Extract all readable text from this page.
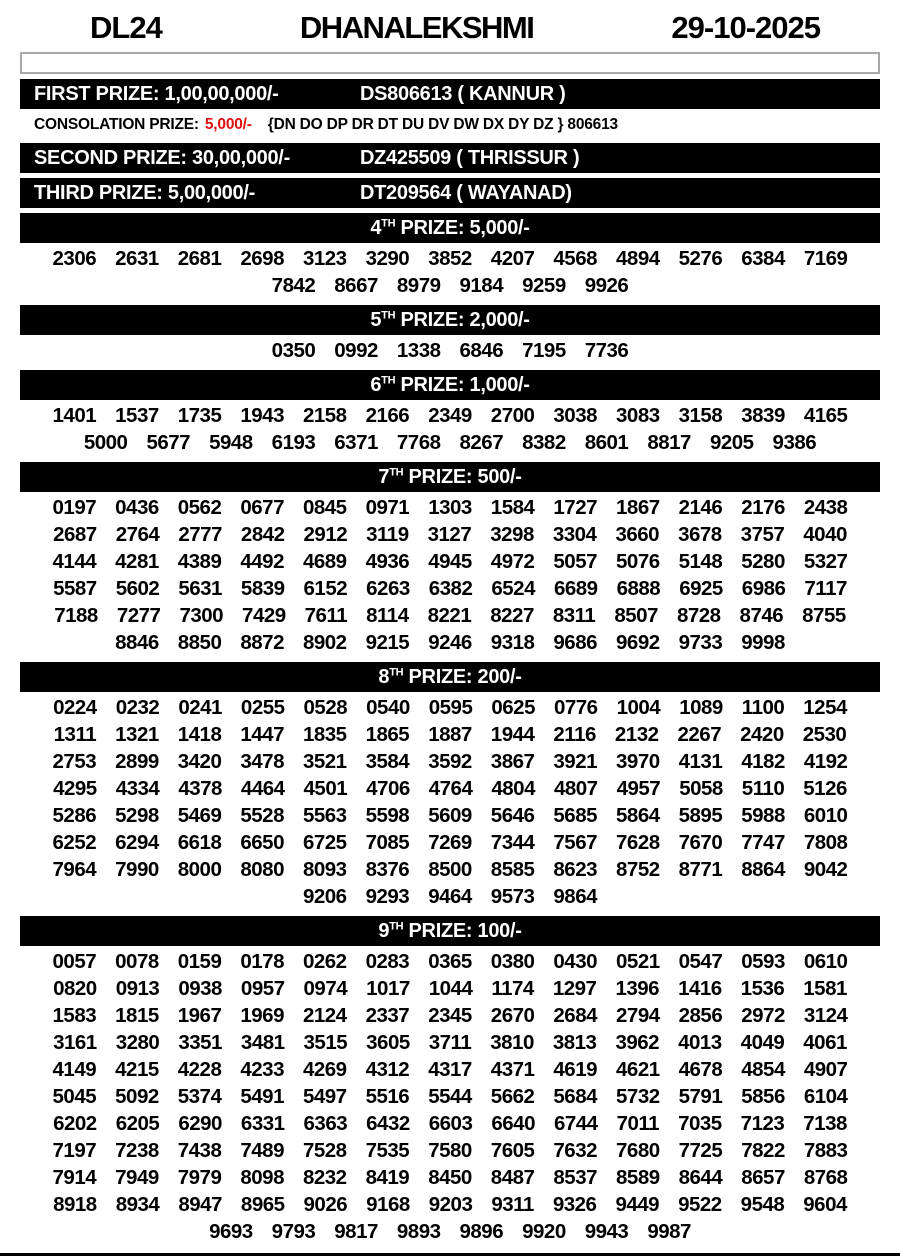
DL24	DHANALEKSHMI	29-10-2025
FIRST PRIZE: 1,00,00,000/-	DS806613 ( KANNUR )
CONSOLATION PRIZE: 5,000/- {DN DO DP DR DT DU DV DW DX DY DZ } 806613
SECOND PRIZE: 30,00,000/-	DZ425509 ( THRISSUR )
THIRD PRIZE: 5,00,000/-	DT209564 ( WAYANAD)
4TH PRIZE: 5,000/-
2306 2631 2681 2698 3123 3290 3852 4207 4568 4894 5276 6384 7169
7842 8667 8979 9184 9259 9926
5TH PRIZE: 2,000/-
0350 0992 1338 6846 7195 7736
6TH PRIZE: 1,000/-
1401 1537 1735 1943 2158 2166 2349 2700 3038 3083 3158 3839 4165
5000 5677 5948 6193 6371 7768 8267 8382 8601 8817 9205 9386
7TH PRIZE: 500/-
0197 0436 0562 0677 0845 0971 1303 1584 1727 1867 2146 2176 2438
2687 2764 2777 2842 2912 3119 3127 3298 3304 3660 3678 3757 4040
4144 4281 4389 4492 4689 4936 4945 4972 5057 5076 5148 5280 5327
5587 5602 5631 5839 6152 6263 6382 6524 6689 6888 6925 6986 7117
7188 7277 7300 7429 7611 8114 8221 8227 8311 8507 8728 8746 8755
8846 8850 8872 8902 9215 9246 9318 9686 9692 9733 9998
8TH PRIZE: 200/-
0224 0232 0241 0255 0528 0540 0595 0625 0776 1004 1089 1100 1254
1311 1321 1418 1447 1835 1865 1887 1944 2116 2132 2267 2420 2530
2753 2899 3420 3478 3521 3584 3592 3867 3921 3970 4131 4182 4192
4295 4334 4378 4464 4501 4706 4764 4804 4807 4957 5058 5110 5126
5286 5298 5469 5528 5563 5598 5609 5646 5685 5864 5895 5988 6010
6252 6294 6618 6650 6725 7085 7269 7344 7567 7628 7670 7747 7808
7964 7990 8000 8080 8093 8376 8500 8585 8623 8752 8771 8864 9042
9206 9293 9464 9573 9864
9TH PRIZE: 100/-
0057 0078 0159 0178 0262 0283 0365 0380 0430 0521 0547 0593 0610
0820 0913 0938 0957 0974 1017 1044 1174 1297 1396 1416 1536 1581
1583 1815 1967 1969 2124 2337 2345 2670 2684 2794 2856 2972 3124
3161 3280 3351 3481 3515 3605 3711 3810 3813 3962 4013 4049 4061
4149 4215 4228 4233 4269 4312 4317 4371 4619 4621 4678 4854 4907
5045 5092 5374 5491 5497 5516 5544 5662 5684 5732 5791 5856 6104
6202 6205 6290 6331 6363 6432 6603 6640 6744 7011 7035 7123 7138
7197 7238 7438 7489 7528 7535 7580 7605 7632 7680 7725 7822 7883
7914 7949 7979 8098 8232 8419 8450 8487 8537 8589 8644 8657 8768
8918 8934 8947 8965 9026 9168 9203 9311 9326 9449 9522 9548 9604
9693 9793 9817 9893 9896 9920 9943 9987
